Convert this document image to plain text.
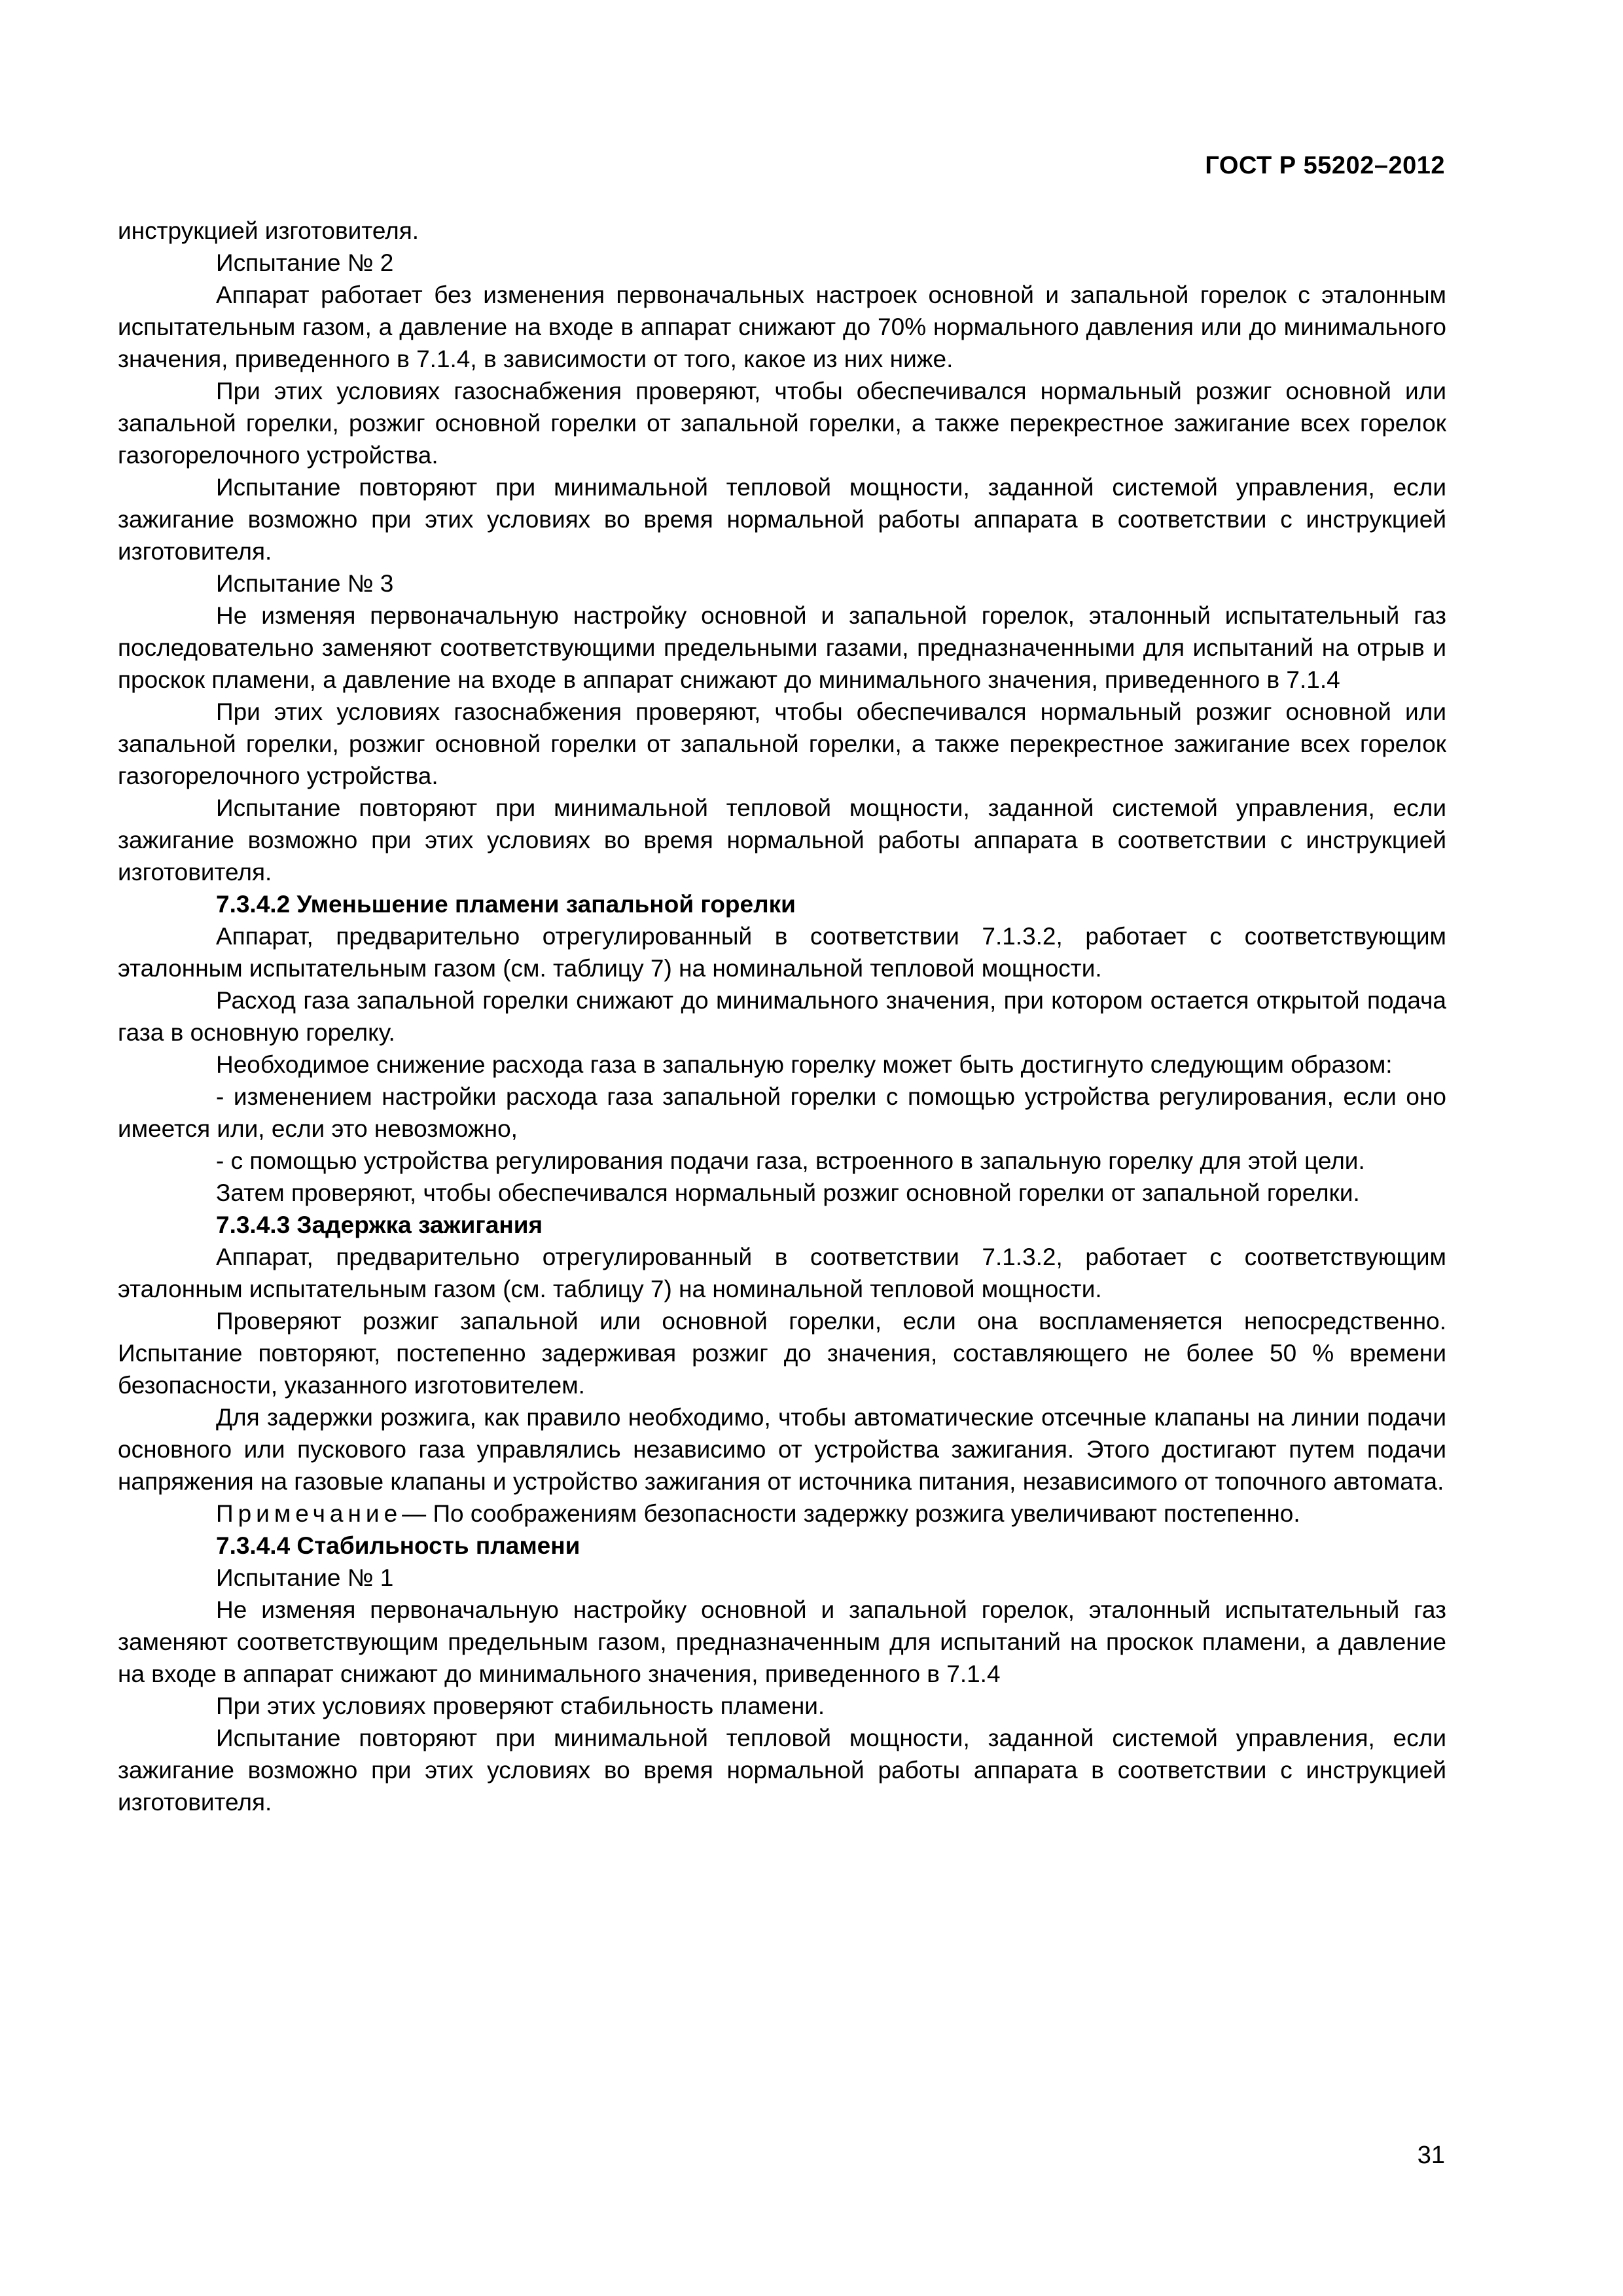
ГОСТ Р 55202–2012

инструкцией изготовителя.

Испытание № 2

Аппарат работает без изменения первоначальных настроек основной и запальной горелок с эталонным испытательным газом, а давление на входе в аппарат снижают до 70% нормального давления или до минимального значения, приведенного в 7.1.4, в зависимости от того, какое из них ниже.

При этих условиях газоснабжения проверяют, чтобы обеспечивался нормальный розжиг основной или запальной горелки, розжиг основной горелки от запальной горелки, а также перекрестное зажигание всех горелок газогорелочного устройства.

Испытание повторяют при минимальной тепловой мощности, заданной системой управления, если зажигание возможно при этих условиях во время нормальной работы аппарата в соответствии с инструкцией изготовителя.

Испытание № 3

Не изменяя первоначальную настройку основной и запальной горелок, эталонный испытательный газ последовательно заменяют соответствующими предельными газами, предназначенными для испытаний на отрыв и проскок пламени, а давление на входе в аппарат снижают до минимального значения, приведенного в 7.1.4

При этих условиях газоснабжения проверяют, чтобы обеспечивался нормальный розжиг основной или запальной горелки, розжиг основной горелки от запальной горелки, а также перекрестное зажигание всех горелок газогорелочного устройства.

Испытание повторяют при минимальной тепловой мощности, заданной системой управления, если зажигание возможно при этих условиях во время нормальной работы аппарата в соответствии с инструкцией изготовителя.

7.3.4.2 Уменьшение пламени запальной горелки

Аппарат, предварительно отрегулированный в соответствии 7.1.3.2, работает с соответствующим эталонным испытательным газом (см. таблицу 7) на номинальной тепловой мощности.

Расход газа запальной горелки снижают до минимального значения, при котором остается открытой подача газа в основную горелку.

Необходимое снижение расхода газа в запальную горелку может быть достигнуто следующим образом:

- изменением настройки расхода газа запальной горелки с помощью устройства регулирования, если оно имеется или, если это невозможно,

- с помощью устройства регулирования подачи газа, встроенного в запальную горелку для этой цели.

Затем проверяют, чтобы обеспечивался нормальный розжиг основной горелки от запальной горелки.

7.3.4.3 Задержка зажигания

Аппарат, предварительно отрегулированный в соответствии 7.1.3.2, работает с соответствующим эталонным испытательным газом (см. таблицу 7) на номинальной тепловой мощности.

Проверяют розжиг запальной или основной горелки, если она воспламеняется непосредственно. Испытание повторяют, постепенно задерживая розжиг до значения, составляющего не более 50 % времени безопасности, указанного изготовителем.

Для задержки розжига, как правило необходимо, чтобы автоматические отсечные клапаны на линии подачи основного или пускового газа управлялись независимо от устройства зажигания. Этого достигают путем подачи напряжения на газовые клапаны и устройство зажигания от источника питания, независимого от топочного автомата.

Примечание— По соображениям безопасности задержку розжига увеличивают постепенно.

7.3.4.4 Стабильность пламени

Испытание № 1

Не изменяя первоначальную настройку основной и запальной горелок, эталонный испытательный газ заменяют соответствующим предельным газом, предназначенным для испытаний на проскок пламени, а давление на входе в аппарат снижают до минимального значения, приведенного в 7.1.4

При этих условиях проверяют стабильность пламени.

Испытание повторяют при минимальной тепловой мощности, заданной системой управления, если зажигание возможно при этих условиях во время нормальной работы аппарата в соответствии с инструкцией изготовителя.

31
